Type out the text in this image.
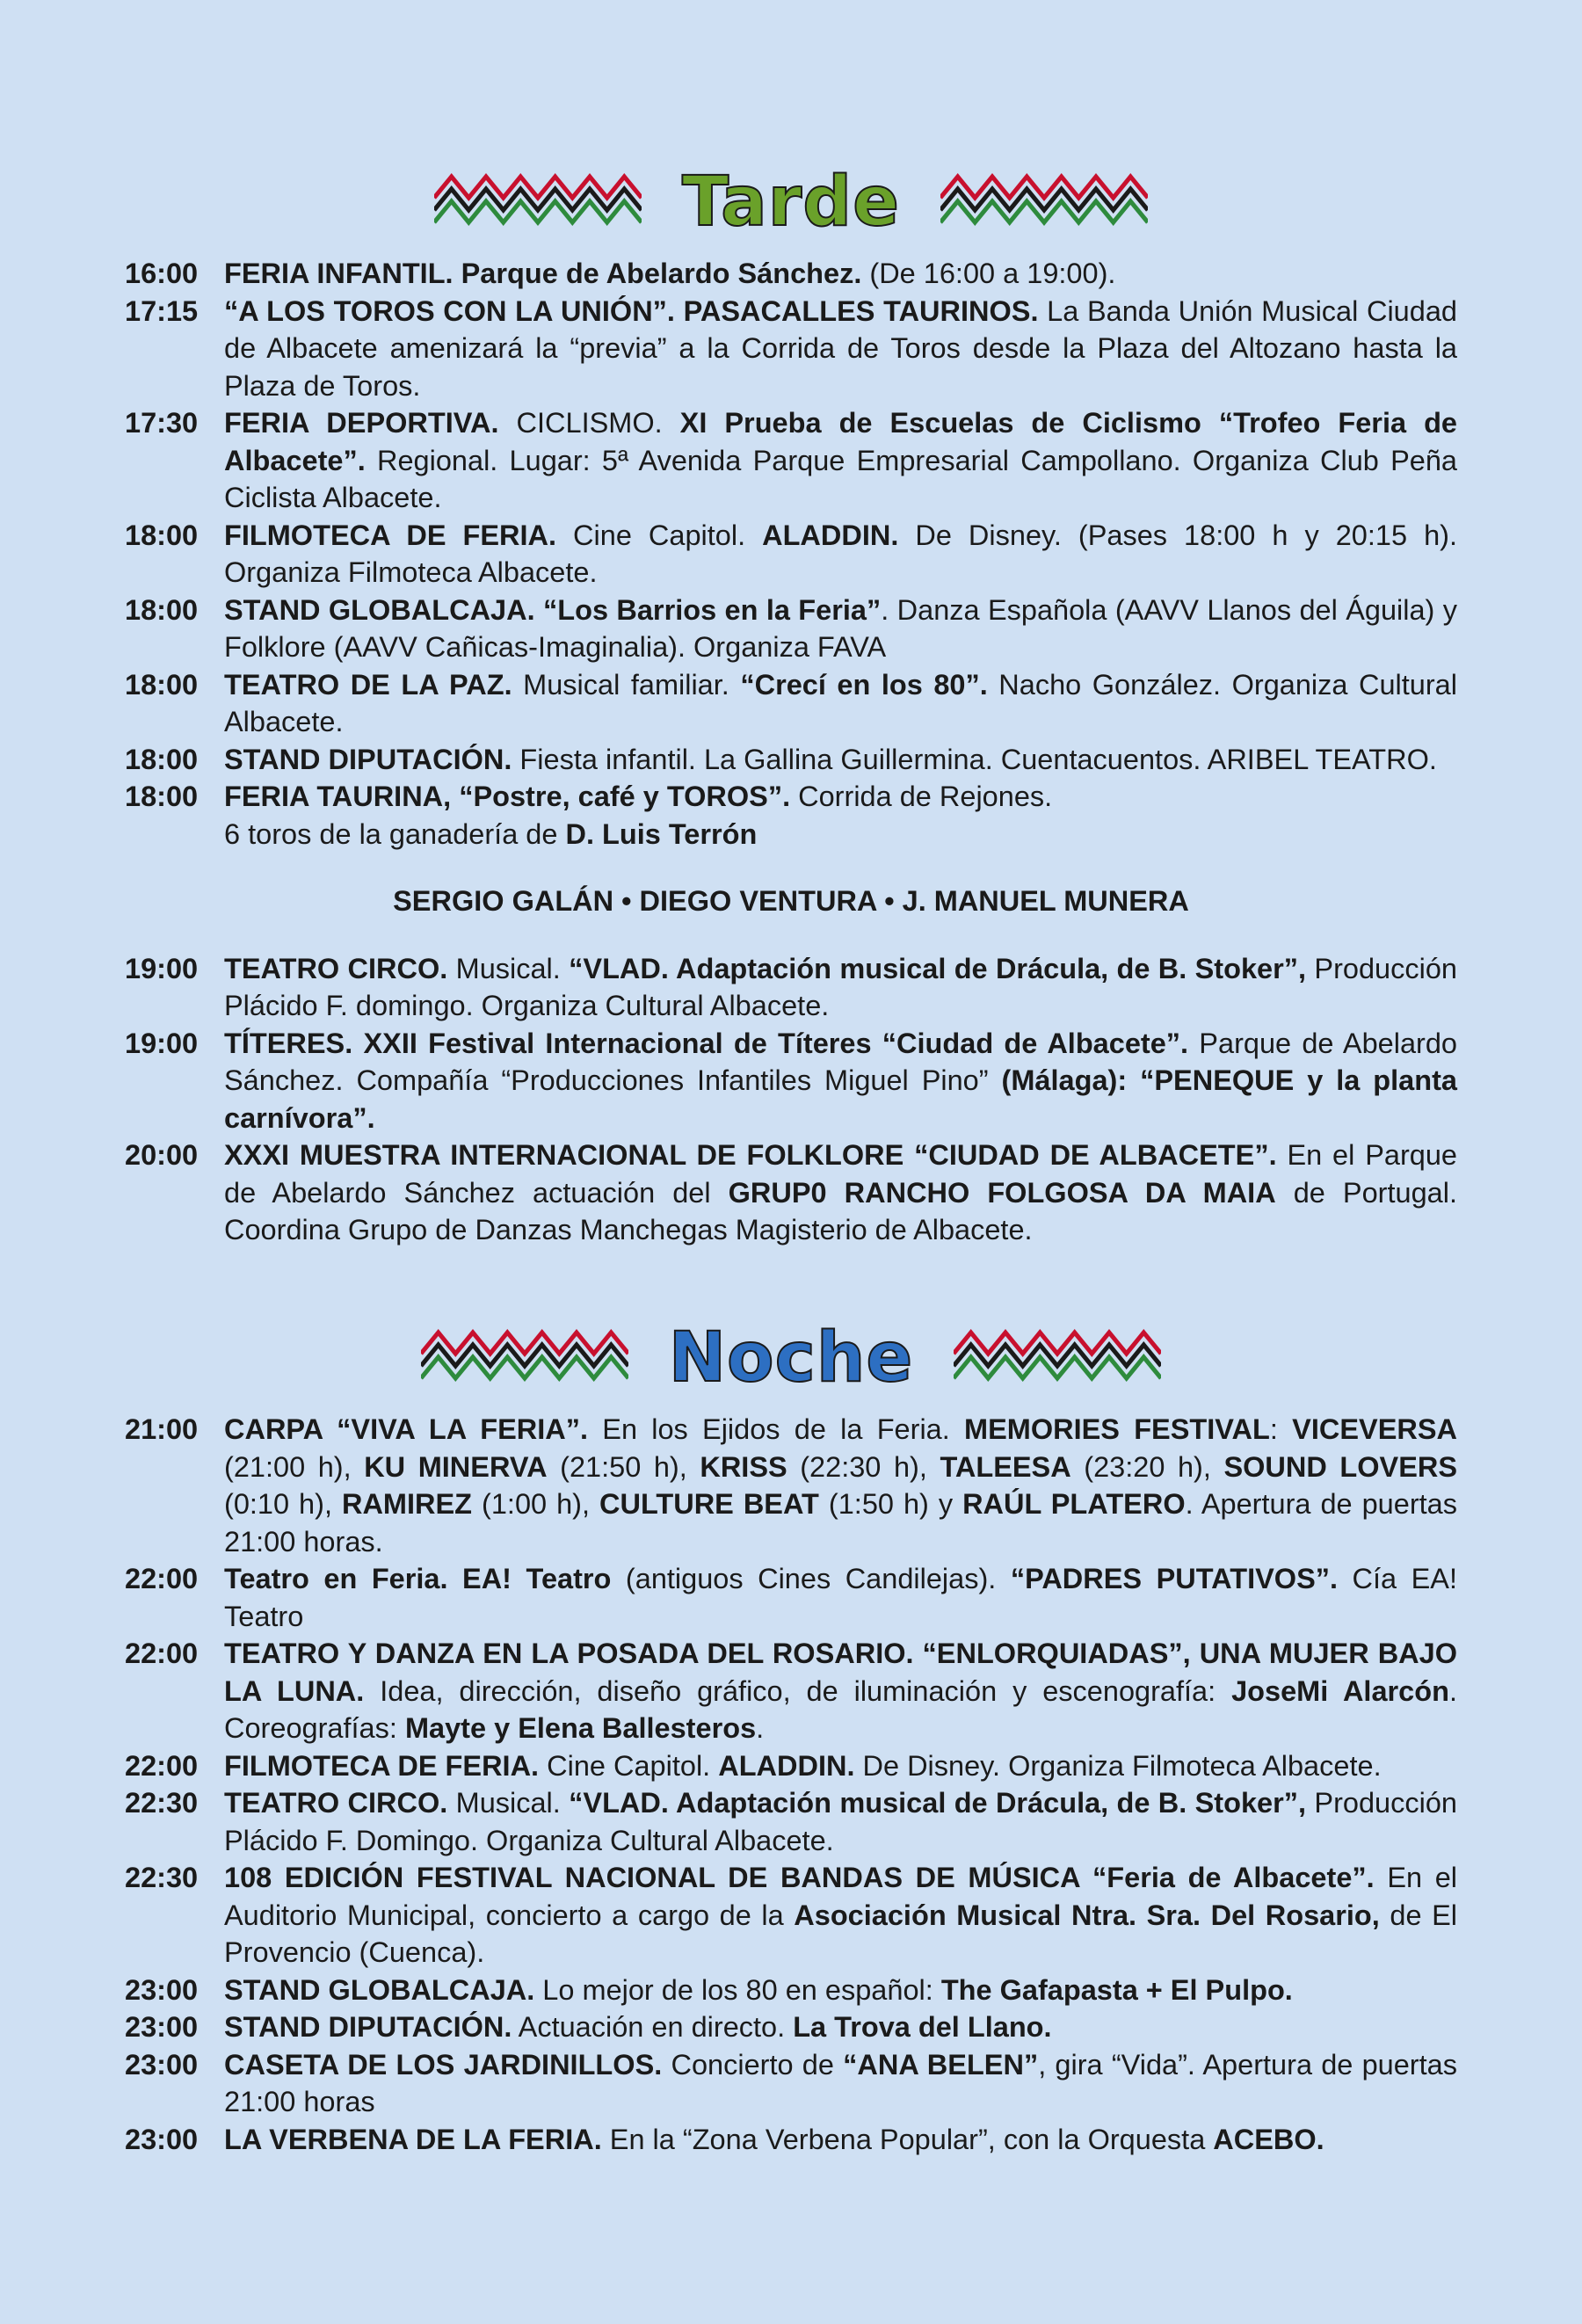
Tarde
16:00 FERIA INFANTIL. Parque de Abelardo Sánchez. (De 16:00 a 19:00).
17:15 “A LOS TOROS CON LA UNIÓN”. PASACALLES TAURINOS. La Banda Unión Musical Ciudad de Albacete amenizará la “previa” a la Corrida de Toros desde la Plaza del Altozano hasta la Plaza de Toros.
17:30 FERIA DEPORTIVA. CICLISMO. XI Prueba de Escuelas de Ciclismo “Trofeo Feria de Albacete”. Regional. Lugar: 5ª Avenida Parque Empresarial Campollano. Organiza Club Peña Ciclista Albacete.
18:00 FILMOTECA DE FERIA. Cine Capitol. ALADDIN. De Disney. (Pases 18:00 h y 20:15 h). Organiza Filmoteca Albacete.
18:00 STAND GLOBALCAJA. “Los Barrios en la Feria”. Danza Española (AAVV Llanos del Águila) y Folklore (AAVV Cañicas-Imaginalia). Organiza FAVA
18:00 TEATRO DE LA PAZ. Musical familiar. “Crecí en los 80”. Nacho González. Organiza Cultural Albacete.
18:00 STAND DIPUTACIÓN. Fiesta infantil. La Gallina Guillermina. Cuentacuentos. ARIBEL TEATRO.
18:00 FERIA TAURINA, “Postre, café y TOROS”. Corrida de Rejones.
6 toros de la ganadería de D. Luis Terrón
SERGIO GALÁN • DIEGO VENTURA • J. MANUEL MUNERA
19:00 TEATRO CIRCO. Musical. “VLAD. Adaptación musical de Drácula, de B. Stoker”, Producción Plácido F. domingo. Organiza Cultural Albacete.
19:00 TÍTERES. XXII Festival Internacional de Títeres “Ciudad de Albacete”. Parque de Abelardo Sánchez. Compañía “Producciones Infantiles Miguel Pino” (Málaga): “PENEQUE y la planta carnívora”.
20:00 XXXI MUESTRA INTERNACIONAL DE FOLKLORE “CIUDAD DE ALBACETE”. En el Parque de Abelardo Sánchez actuación del GRUP0 RANCHO FOLGOSA DA MAIA de Portugal. Coordina Grupo de Danzas Manchegas Magisterio de Albacete.
Noche
21:00 CARPA “VIVA LA FERIA”. En los Ejidos de la Feria. MEMORIES FESTIVAL: VICEVERSA (21:00 h), KU MINERVA (21:50 h), KRISS (22:30 h), TALEESA (23:20 h), SOUND LOVERS (0:10 h), RAMIREZ (1:00 h), CULTURE BEAT (1:50 h) y RAÚL PLATERO. Apertura de puertas 21:00 horas.
22:00 Teatro en Feria. EA! Teatro (antiguos Cines Candilejas). “PADRES PUTATIVOS”. Cía EA! Teatro
22:00 TEATRO Y DANZA EN LA POSADA DEL ROSARIO. “ENLORQUIADAS”, UNA MUJER BAJO LA LUNA. Idea, dirección, diseño gráfico, de iluminación y escenografía: JoseMi Alarcón. Coreografías: Mayte y Elena Ballesteros.
22:00 FILMOTECA DE FERIA. Cine Capitol. ALADDIN. De Disney. Organiza Filmoteca Albacete.
22:30 TEATRO CIRCO. Musical. “VLAD. Adaptación musical de Drácula, de B. Stoker”, Producción Plácido F. Domingo. Organiza Cultural Albacete.
22:30 108 EDICIÓN FESTIVAL NACIONAL DE BANDAS DE MÚSICA “Feria de Albacete”. En el Auditorio Municipal, concierto a cargo de la Asociación Musical Ntra. Sra. Del Rosario, de El Provencio (Cuenca).
23:00 STAND GLOBALCAJA. Lo mejor de los 80 en español: The Gafapasta + El Pulpo.
23:00 STAND DIPUTACIÓN. Actuación en directo. La Trova del Llano.
23:00 CASETA DE LOS JARDINILLOS. Concierto de “ANA BELEN”, gira “Vida”. Apertura de puertas 21:00 horas
23:00 LA VERBENA DE LA FERIA. En la “Zona Verbena Popular”, con la Orquesta ACEBO.
